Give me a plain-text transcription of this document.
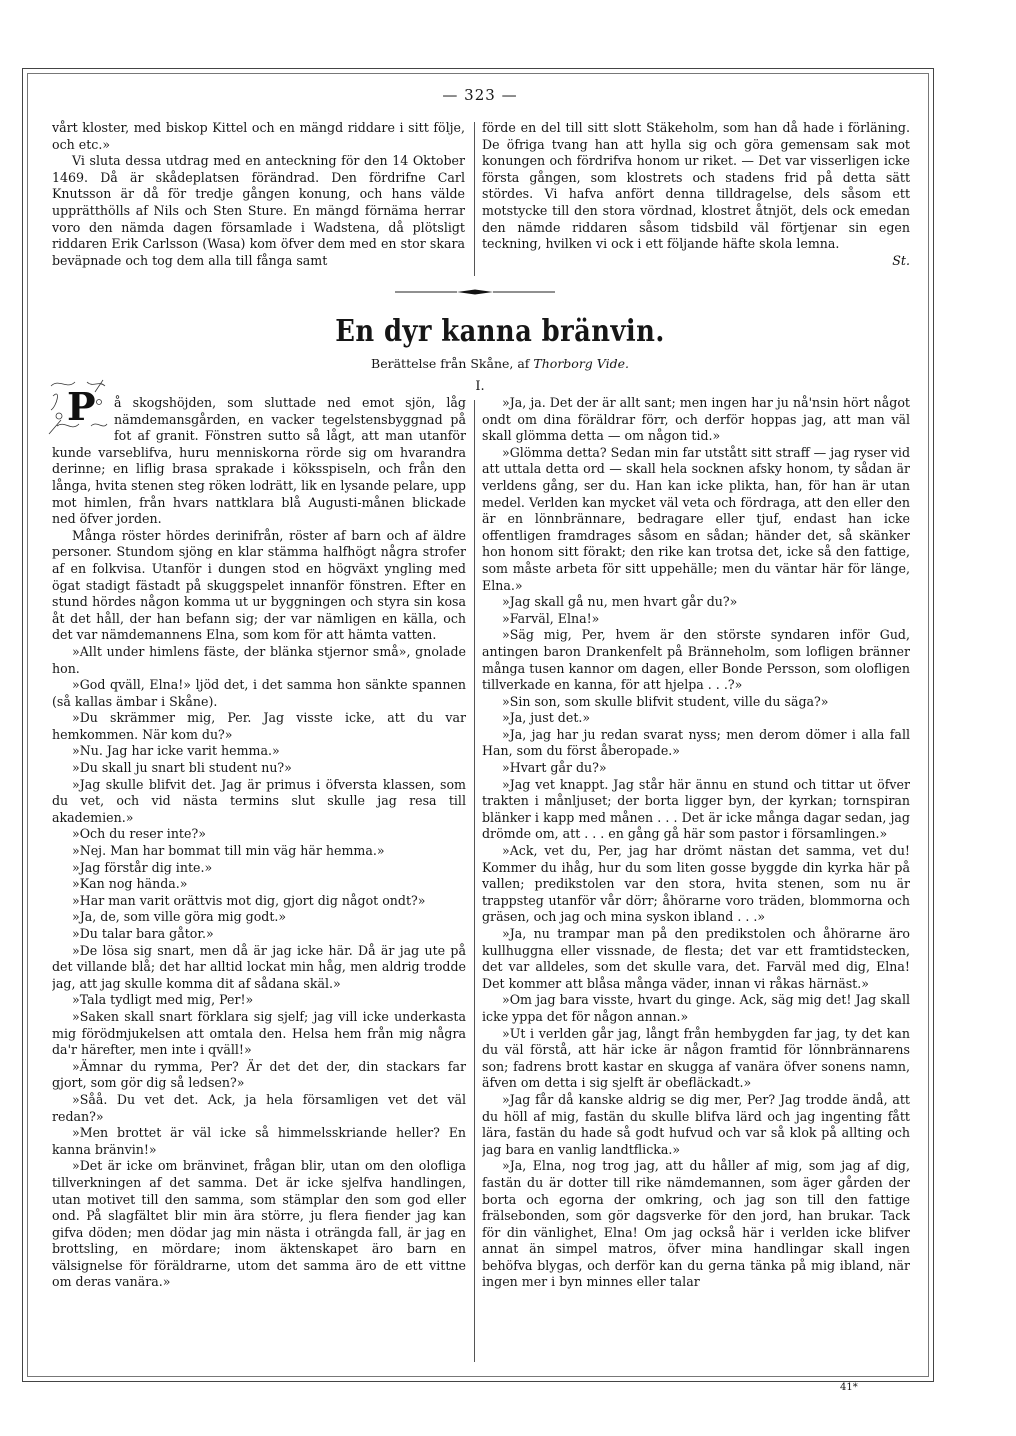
— 323 —

vårt kloster, med biskop Kittel och en mängd riddare i sitt följe, och etc.»

Vi sluta dessa utdrag med en anteckning för den 14 Oktober 1469. Då är skådeplatsen förändrad. Den fördrifne Carl Knutsson är då för tredje gången konung, och hans välde upprätthölls af Nils och Sten Sture. En mängd förnäma herrar voro den nämda dagen församlade i Wadstena, då plötsligt riddaren Erik Carlsson (Wasa) kom öfver dem med en stor skara beväpnade och tog dem alla till fånga samt

förde en del till sitt slott Stäkeholm, som han då hade i förläning. De öfriga tvang han att hylla sig och göra gemensam sak mot konungen och fördrifva honom ur riket. — Det var visserligen icke första gången, som klostrets och stadens frid på detta sätt stördes. Vi hafva anfört denna tilldragelse, dels såsom ett motstycke till den stora vördnad, klostret åtnjöt, dels ock emedan den nämde riddaren såsom tidsbild väl förtjenar sin egen teckning, hvilken vi ock i ett följande häfte skola lemna.

St.

En dyr kanna bränvin.
Berättelse från Skåne, af Thorborg Vide.
I.
P	å skogshöjden, som sluttade ned emot sjön, låg nämdemansgården, en vacker tegelstensbyggnad på fot af granit. Fönstren sutto så lågt, att man utanför kunde varseblifva, huru menniskorna rörde sig om hvarandra derinne; en liflig brasa sprakade i köksspiseln, och från den långa, hvita stenen steg röken lodrätt, lik en lysande pelare, upp mot himlen, från hvars nattklara blå Augusti-månen blickade ned öfver jorden.

Många röster hördes derinifrån, röster af barn och af äldre personer. Stundom sjöng en klar stämma halfhögt några strofer af en folkvisa. Utanför i dungen stod en högväxt yngling med ögat stadigt fästadt på skuggspelet innanför fönstren. Efter en stund hördes någon komma ut ur byggningen och styra sin kosa åt det håll, der han befann sig; der var nämligen en källa, och det var nämdemannens Elna, som kom för att hämta vatten.

»Allt under himlens fäste, der blänka stjernor små», gnolade hon.

»God qväll, Elna!» ljöd det, i det samma hon sänkte spannen (så kallas ämbar i Skåne).

»Du skrämmer mig, Per. Jag visste icke, att du var hemkommen. När kom du?»

»Nu. Jag har icke varit hemma.»

»Du skall ju snart bli student nu?»

»Jag skulle blifvit det. Jag är primus i öfversta klassen, som du vet, och vid nästa termins slut skulle jag resa till akademien.»

»Och du reser inte?»

»Nej. Man har bommat till min väg här hemma.»

»Jag förstår dig inte.»

»Kan nog hända.»

»Har man varit orättvis mot dig, gjort dig något ondt?»

»Ja, de, som ville göra mig godt.»

»Du talar bara gåtor.»

»De lösa sig snart, men då är jag icke här. Då är jag ute på det villande blå; det har alltid lockat min håg, men aldrig trodde jag, att jag skulle komma dit af sådana skäl.»

»Tala tydligt med mig, Per!»

»Saken skall snart förklara sig sjelf; jag vill icke underkasta mig förödmjukelsen att omtala den. Helsa hem från mig några da'r härefter, men inte i qväll!»

»Ämnar du rymma, Per? Är det det der, din stackars far gjort, som gör dig så ledsen?»

»Såå. Du vet det. Ack, ja hela församligen vet det väl redan?»

»Men brottet är väl icke så himmelsskriande heller? En kanna bränvin!»

»Det är icke om bränvinet, frågan blir, utan om den olofliga tillverkningen af det samma. Det är icke sjelfva handlingen, utan motivet till den samma, som stämplar den som god eller ond. På slagfältet blir min ära större, ju flera fiender jag kan gifva döden; men dödar jag min nästa i oträngda fall, är jag en brottsling, en mördare; inom äktenskapet äro barn en välsignelse för föräldrarne, utom det samma äro de ett vittne om deras vanära.»

»Ja, ja. Det der är allt sant; men ingen har ju nå'nsin hört något ondt om dina föräldrar förr, och derför hoppas jag, att man väl skall glömma detta — om någon tid.»

»Glömma detta? Sedan min far utstått sitt straff — jag ryser vid att uttala detta ord — skall hela socknen afsky honom, ty sådan är verldens gång, ser du. Han kan icke plikta, han, för han är utan medel. Verlden kan mycket väl veta och fördraga, att den eller den är en lönnbrännare, bedragare eller tjuf, endast han icke offentligen framdrages såsom en sådan; händer det, så skänker hon honom sitt förakt; den rike kan trotsa det, icke så den fattige, som måste arbeta för sitt uppehälle; men du väntar här för länge, Elna.»

»Jag skall gå nu, men hvart går du?»

»Farväl, Elna!»

»Säg mig, Per, hvem är den störste syndaren inför Gud, antingen baron Drankenfelt på Bränneholm, som lofligen bränner många tusen kannor om dagen, eller Bonde Persson, som olofligen tillverkade en kanna, för att hjelpa . . .?»

»Sin son, som skulle blifvit student, ville du säga?»

»Ja, just det.»

»Ja, jag har ju redan svarat nyss; men derom dömer i alla fall Han, som du först åberopade.»

»Hvart går du?»

»Jag vet knappt. Jag står här ännu en stund och tittar ut öfver trakten i månljuset; der borta ligger byn, der kyrkan; tornspiran blänker i kapp med månen . . . Det är icke många dagar sedan, jag drömde om, att . . . en gång gå här som pastor i församlingen.»

»Ack, vet du, Per, jag har drömt nästan det samma, vet du! Kommer du ihåg, hur du som liten gosse byggde din kyrka här på vallen; predikstolen var den stora, hvita stenen, som nu är trappsteg utanför vår dörr; åhörarne voro träden, blommorna och gräsen, och jag och mina syskon ibland . . .»

»Ja, nu trampar man på den predikstolen och åhörarne äro kullhuggna eller vissnade, de flesta; det var ett framtidstecken, det var alldeles, som det skulle vara, det. Farväl med dig, Elna! Det kommer att blåsa många väder, innan vi råkas härnäst.»

»Om jag bara visste, hvart du ginge. Ack, säg mig det! Jag skall icke yppa det för någon annan.»

»Ut i verlden går jag, långt från hembygden far jag, ty det kan du väl förstå, att här icke är någon framtid för lönnbrännarens son; fadrens brott kastar en skugga af vanära öfver sonens namn, äfven om detta i sig sjelft är obefläckadt.»

»Jag får då kanske aldrig se dig mer, Per? Jag trodde ändå, att du höll af mig, fastän du skulle blifva lärd och jag ingenting fått lära, fastän du hade så godt hufvud och var så klok på allting och jag bara en vanlig landtflicka.»

»Ja, Elna, nog trog jag, att du håller af mig, som jag af dig, fastän du är dotter till rike nämdemannen, som äger gården der borta och egorna der omkring, och jag son till den fattige frälsebonden, som gör dagsverke för den jord, han brukar. Tack för din vänlighet, Elna! Om jag också här i verlden icke blifver annat än simpel matros, öfver mina handlingar skall ingen behöfva blygas, och derför kan du gerna tänka på mig ibland, när ingen mer i byn minnes eller talar

41*
